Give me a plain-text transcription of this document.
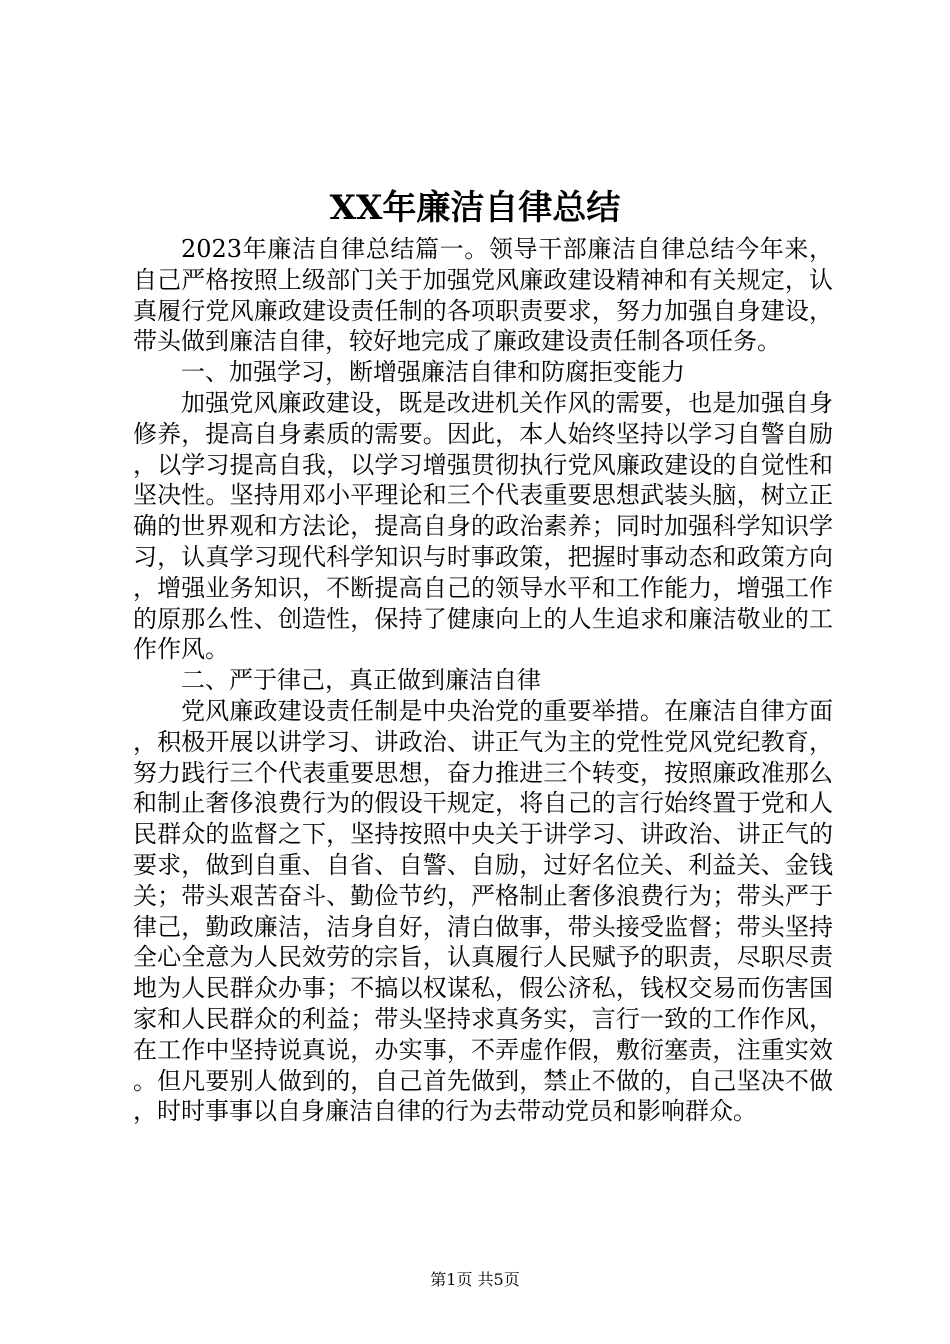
XX年廉洁自律总结

2023年廉洁自律总结篇一。领导干部廉洁自律总结今年来，自己严格按照上级部门关于加强党风廉政建设精神和有关规定，认真履行党风廉政建设责任制的各项职责要求，努力加强自身建设，带头做到廉洁自律，较好地完成了廉政建设责任制各项任务。

一、加强学习，断增强廉洁自律和防腐拒变能力

加强党风廉政建设，既是改进机关作风的需要，也是加强自身修养，提高自身素质的需要。因此，本人始终坚持以学习自警自励，以学习提高自我，以学习增强贯彻执行党风廉政建设的自觉性和坚决性。坚持用邓小平理论和三个代表重要思想武装头脑，树立正确的世界观和方法论，提高自身的政治素养；同时加强科学知识学习，认真学习现代科学知识与时事政策，把握时事动态和政策方向，增强业务知识，不断提高自己的领导水平和工作能力，增强工作的原那么性、创造性，保持了健康向上的人生追求和廉洁敬业的工作作风。

二、严于律己，真正做到廉洁自律

党风廉政建设责任制是中央治党的重要举措。在廉洁自律方面，积极开展以讲学习、讲政治、讲正气为主的党性党风党纪教育，努力践行三个代表重要思想，奋力推进三个转变，按照廉政准那么和制止奢侈浪费行为的假设干规定，将自己的言行始终置于党和人民群众的监督之下，坚持按照中央关于讲学习、讲政治、讲正气的要求，做到自重、自省、自警、自励，过好名位关、利益关、金钱关；带头艰苦奋斗、勤俭节约，严格制止奢侈浪费行为；带头严于律己，勤政廉洁，洁身自好，清白做事，带头接受监督；带头坚持全心全意为人民效劳的宗旨，认真履行人民赋予的职责，尽职尽责地为人民群众办事；不搞以权谋私，假公济私，钱权交易而伤害国家和人民群众的利益；带头坚持求真务实，言行一致的工作作风，在工作中坚持说真说，办实事，不弄虚作假，敷衍塞责，注重实效。但凡要别人做到的，自己首先做到，禁止不做的，自己坚决不做，时时事事以自身廉洁自律的行为去带动党员和影响群众。

第1页 共5页
